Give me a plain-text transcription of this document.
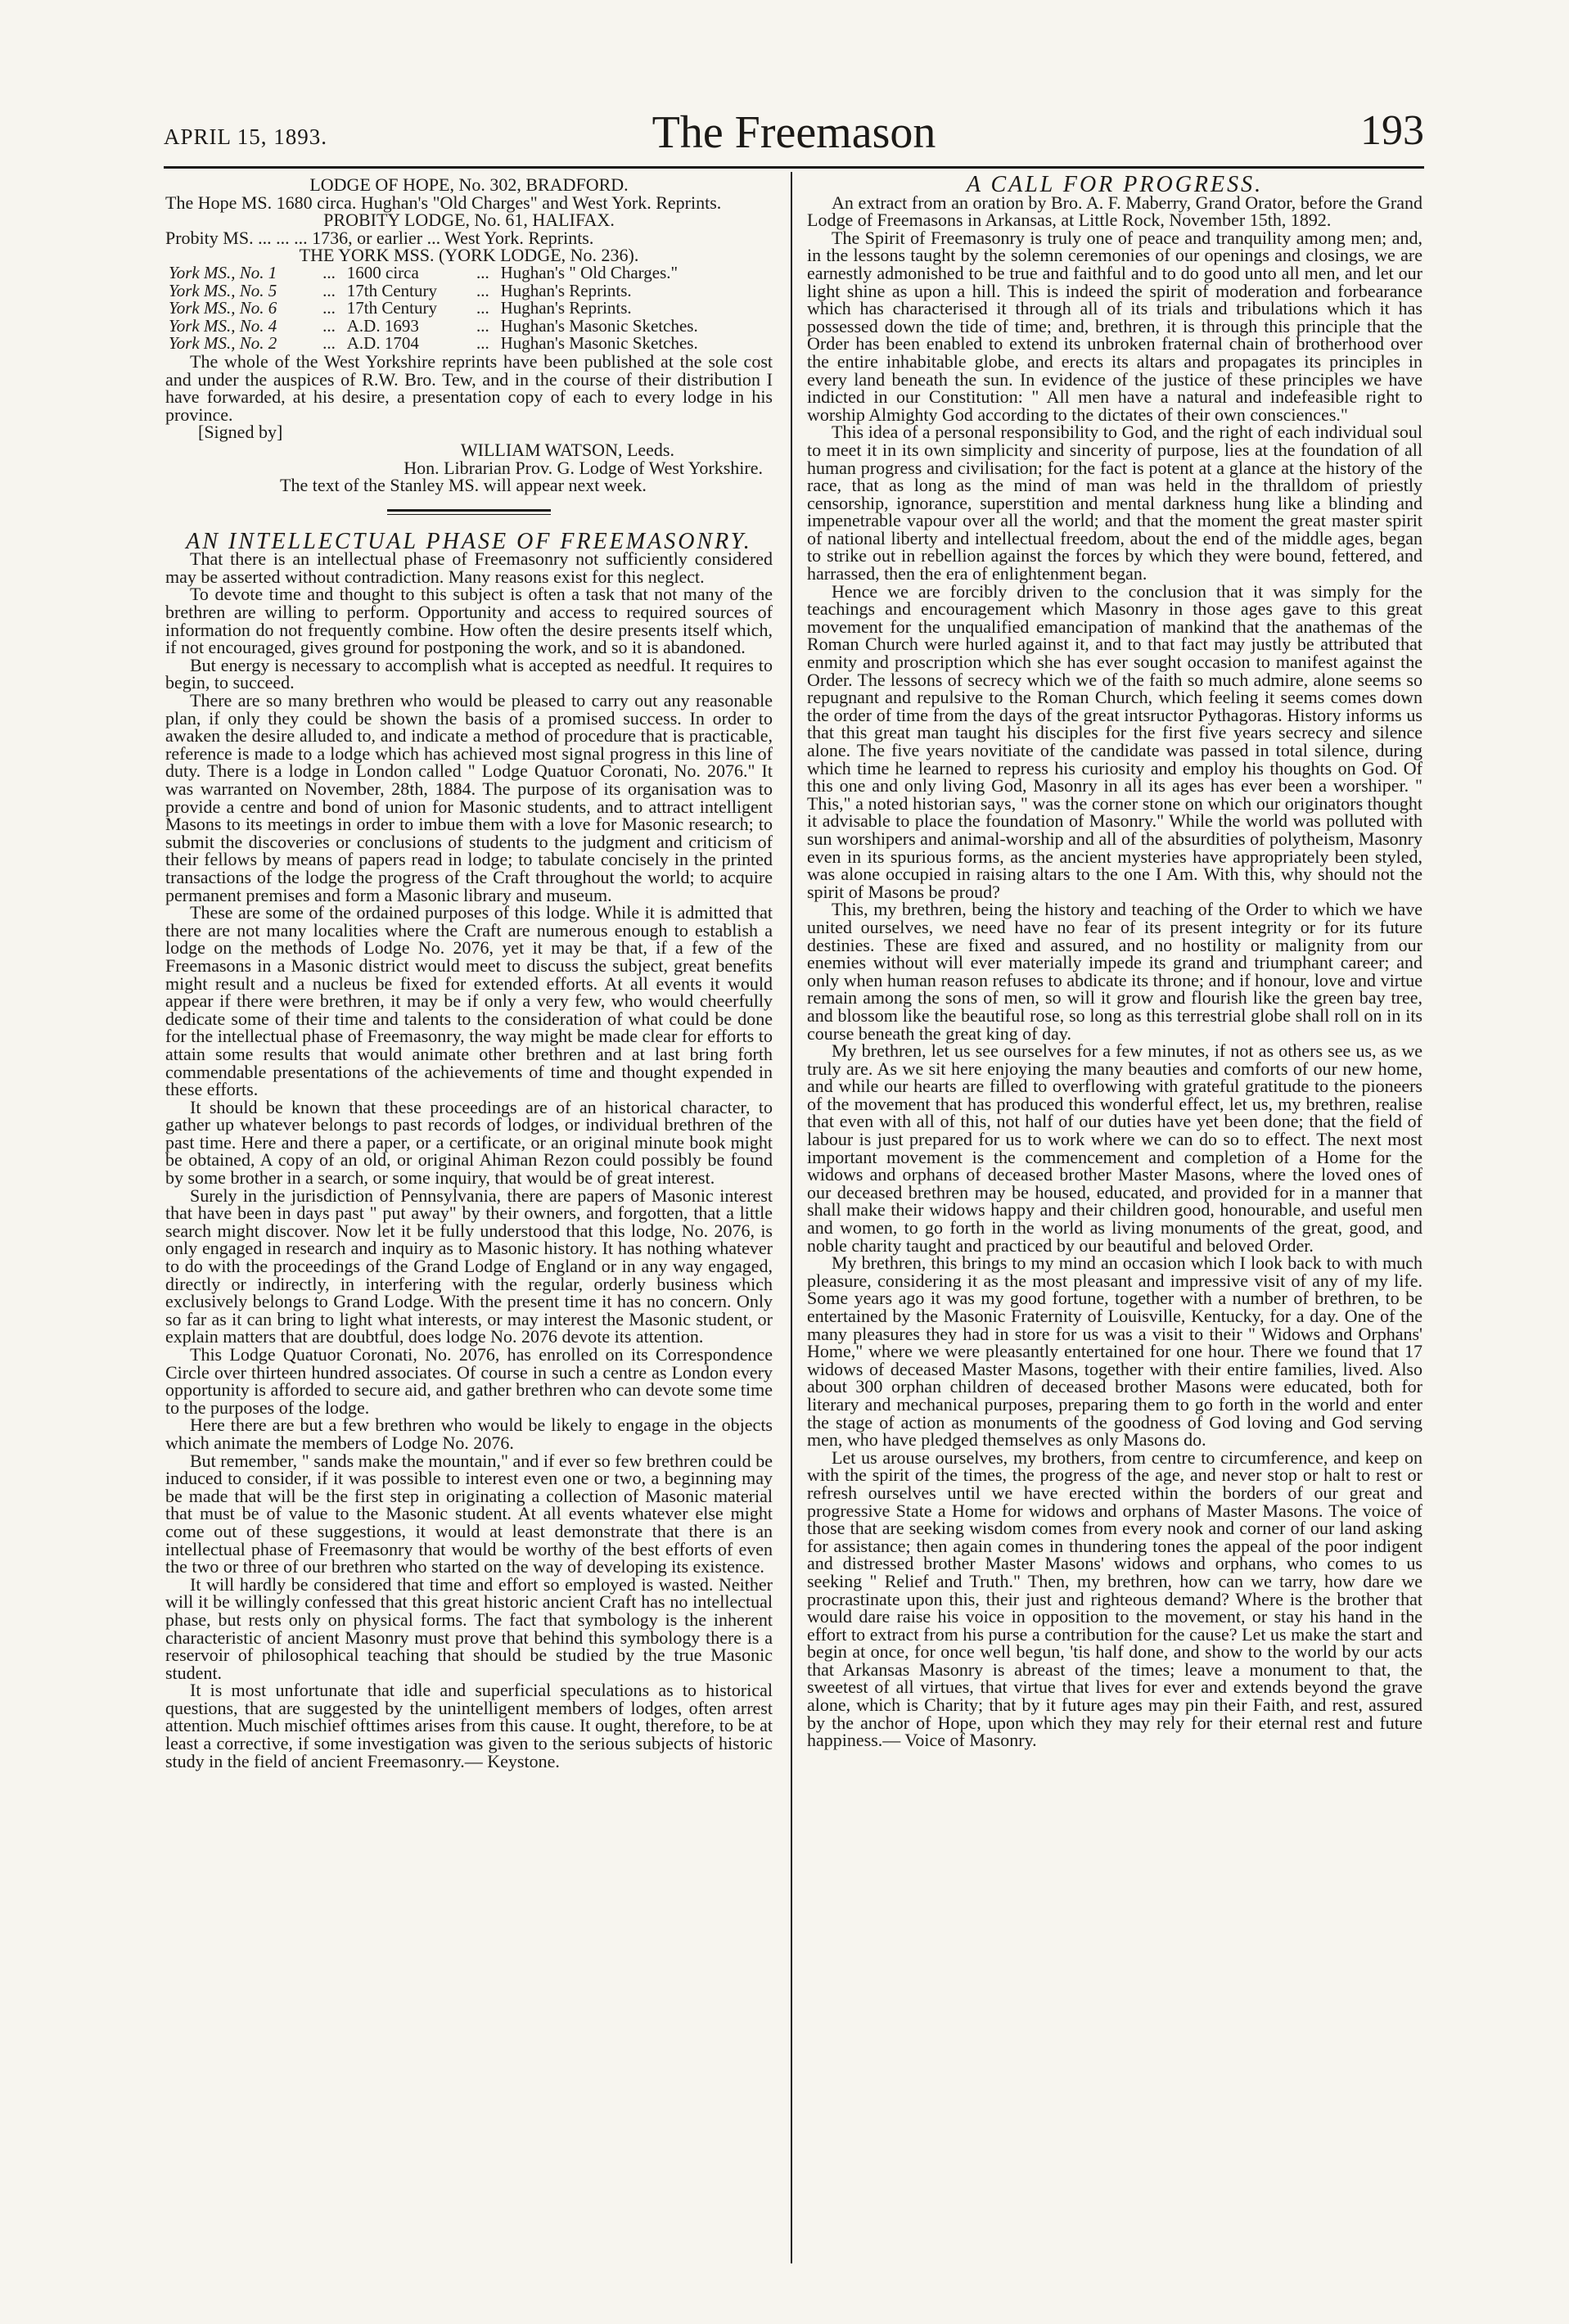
APRIL 15, 1893.	The Freemason	193

LODGE OF HOPE, No. 302, BRADFORD.

The Hope MS. 1680 circa. Hughan's "Old Charges" and West York. Reprints.

PROBITY LODGE, No. 61, HALIFAX.

Probity MS. ... ... ... 1736, or earlier ... West York. Reprints.

THE YORK MSS. (YORK LODGE, No. 236).

York MS., No. 1	...	1600 circa	...	Hughan's " Old Charges."
York MS., No. 5	...	17th Century	...	Hughan's Reprints.
York MS., No. 6	...	17th Century	...	Hughan's Reprints.
York MS., No. 4	...	A.D. 1693	...	Hughan's Masonic Sketches.
York MS., No. 2	...	A.D. 1704	...	Hughan's Masonic Sketches.

The whole of the West Yorkshire reprints have been published at the sole cost and under the auspices of R.W. Bro. Tew, and in the course of their distribution I have forwarded, at his desire, a presentation copy of each to every lodge in his province.

[Signed by]

WILLIAM WATSON, Leeds.

Hon. Librarian Prov. G. Lodge of West Yorkshire.

The text of the Stanley MS. will appear next week.

AN INTELLECTUAL PHASE OF FREEMASONRY.

That there is an intellectual phase of Freemasonry not sufficiently considered may be asserted without contradiction. Many reasons exist for this neglect.

To devote time and thought to this subject is often a task that not many of the brethren are willing to perform. Opportunity and access to required sources of information do not frequently combine. How often the desire presents itself which, if not encouraged, gives ground for postponing the work, and so it is abandoned.

But energy is necessary to accomplish what is accepted as needful. It requires to begin, to succeed.

There are so many brethren who would be pleased to carry out any reasonable plan, if only they could be shown the basis of a promised success. In order to awaken the desire alluded to, and indicate a method of procedure that is practicable, reference is made to a lodge which has achieved most signal progress in this line of duty. There is a lodge in London called " Lodge Quatuor Coronati, No. 2076." It was warranted on November, 28th, 1884. The purpose of its organisation was to provide a centre and bond of union for Masonic students, and to attract intelligent Masons to its meetings in order to imbue them with a love for Masonic research; to submit the discoveries or conclusions of students to the judgment and criticism of their fellows by means of papers read in lodge; to tabulate concisely in the printed transactions of the lodge the progress of the Craft throughout the world; to acquire permanent premises and form a Masonic library and museum.

These are some of the ordained purposes of this lodge. While it is admitted that there are not many localities where the Craft are numerous enough to establish a lodge on the methods of Lodge No. 2076, yet it may be that, if a few of the Freemasons in a Masonic district would meet to discuss the subject, great benefits might result and a nucleus be fixed for extended efforts. At all events it would appear if there were brethren, it may be if only a very few, who would cheerfully dedicate some of their time and talents to the consideration of what could be done for the intellectual phase of Freemasonry, the way might be made clear for efforts to attain some results that would animate other brethren and at last bring forth commendable presentations of the achievements of time and thought expended in these efforts.

It should be known that these proceedings are of an historical character, to gather up whatever belongs to past records of lodges, or individual brethren of the past time. Here and there a paper, or a certificate, or an original minute book might be obtained, A copy of an old, or original Ahiman Rezon could possibly be found by some brother in a search, or some inquiry, that would be of great interest.

Surely in the jurisdiction of Pennsylvania, there are papers of Masonic interest that have been in days past " put away" by their owners, and forgotten, that a little search might discover. Now let it be fully understood that this lodge, No. 2076, is only engaged in research and inquiry as to Masonic history. It has nothing whatever to do with the proceedings of the Grand Lodge of England or in any way engaged, directly or indirectly, in interfering with the regular, orderly business which exclusively belongs to Grand Lodge. With the present time it has no concern. Only so far as it can bring to light what interests, or may interest the Masonic student, or explain matters that are doubtful, does lodge No. 2076 devote its attention.

This Lodge Quatuor Coronati, No. 2076, has enrolled on its Correspondence Circle over thirteen hundred associates. Of course in such a centre as London every opportunity is afforded to secure aid, and gather brethren who can devote some time to the purposes of the lodge.

Here there are but a few brethren who would be likely to engage in the objects which animate the members of Lodge No. 2076.

But remember, " sands make the mountain," and if ever so few brethren could be induced to consider, if it was possible to interest even one or two, a beginning may be made that will be the first step in originating a collection of Masonic material that must be of value to the Masonic student. At all events whatever else might come out of these suggestions, it would at least demonstrate that there is an intellectual phase of Freemasonry that would be worthy of the best efforts of even the two or three of our brethren who started on the way of developing its existence.

It will hardly be considered that time and effort so employed is wasted. Neither will it be willingly confessed that this great historic ancient Craft has no intellectual phase, but rests only on physical forms. The fact that symbology is the inherent characteristic of ancient Masonry must prove that behind this symbology there is a reservoir of philosophical teaching that should be studied by the true Masonic student.

It is most unfortunate that idle and superficial speculations as to historical questions, that are suggested by the unintelligent members of lodges, often arrest attention. Much mischief ofttimes arises from this cause. It ought, therefore, to be at least a corrective, if some investigation was given to the serious subjects of historic study in the field of ancient Freemasonry.— Keystone.

A CALL FOR PROGRESS.

An extract from an oration by Bro. A. F. Maberry, Grand Orator, before the Grand Lodge of Freemasons in Arkansas, at Little Rock, November 15th, 1892.

The Spirit of Freemasonry is truly one of peace and tranquility among men; and, in the lessons taught by the solemn ceremonies of our openings and closings, we are earnestly admonished to be true and faithful and to do good unto all men, and let our light shine as upon a hill. This is indeed the spirit of moderation and forbearance which has characterised it through all of its trials and tribulations which it has possessed down the tide of time; and, brethren, it is through this principle that the Order has been enabled to extend its unbroken fraternal chain of brotherhood over the entire inhabitable globe, and erects its altars and propagates its principles in every land beneath the sun. In evidence of the justice of these principles we have indicted in our Constitution: " All men have a natural and indefeasible right to worship Almighty God according to the dictates of their own consciences."

This idea of a personal responsibility to God, and the right of each individual soul to meet it in its own simplicity and sincerity of purpose, lies at the foundation of all human progress and civilisation; for the fact is potent at a glance at the history of the race, that as long as the mind of man was held in the thralldom of priestly censorship, ignorance, superstition and mental darkness hung like a blinding and impenetrable vapour over all the world; and that the moment the great master spirit of national liberty and intellectual freedom, about the end of the middle ages, began to strike out in rebellion against the forces by which they were bound, fettered, and harrassed, then the era of enlightenment began.

Hence we are forcibly driven to the conclusion that it was simply for the teachings and encouragement which Masonry in those ages gave to this great movement for the unqualified emancipation of mankind that the anathemas of the Roman Church were hurled against it, and to that fact may justly be attributed that enmity and proscription which she has ever sought occasion to manifest against the Order. The lessons of secrecy which we of the faith so much admire, alone seems so repugnant and repulsive to the Roman Church, which feeling it seems comes down the order of time from the days of the great intsructor Pythagoras. History informs us that this great man taught his disciples for the first five years secrecy and silence alone. The five years novitiate of the candidate was passed in total silence, during which time he learned to repress his curiosity and employ his thoughts on God. Of this one and only living God, Masonry in all its ages has ever been a worshiper. " This," a noted historian says, " was the corner stone on which our originators thought it advisable to place the foundation of Masonry." While the world was polluted with sun worshipers and animal-worship and all of the absurdities of polytheism, Masonry even in its spurious forms, as the ancient mysteries have appropriately been styled, was alone occupied in raising altars to the one I Am. With this, why should not the spirit of Masons be proud?

This, my brethren, being the history and teaching of the Order to which we have united ourselves, we need have no fear of its present integrity or for its future destinies. These are fixed and assured, and no hostility or malignity from our enemies without will ever materially impede its grand and triumphant career; and only when human reason refuses to abdicate its throne; and if honour, love and virtue remain among the sons of men, so will it grow and flourish like the green bay tree, and blossom like the beautiful rose, so long as this terrestrial globe shall roll on in its course beneath the great king of day.

My brethren, let us see ourselves for a few minutes, if not as others see us, as we truly are. As we sit here enjoying the many beauties and comforts of our new home, and while our hearts are filled to overflowing with grateful gratitude to the pioneers of the movement that has produced this wonderful effect, let us, my brethren, realise that even with all of this, not half of our duties have yet been done; that the field of labour is just prepared for us to work where we can do so to effect. The next most important movement is the commencement and completion of a Home for the widows and orphans of deceased brother Master Masons, where the loved ones of our deceased brethren may be housed, educated, and provided for in a manner that shall make their widows happy and their children good, honourable, and useful men and women, to go forth in the world as living monuments of the great, good, and noble charity taught and practiced by our beautiful and beloved Order.

My brethren, this brings to my mind an occasion which I look back to with much pleasure, considering it as the most pleasant and impressive visit of any of my life. Some years ago it was my good fortune, together with a number of brethren, to be entertained by the Masonic Fraternity of Louisville, Kentucky, for a day. One of the many pleasures they had in store for us was a visit to their " Widows and Orphans' Home," where we were pleasantly entertained for one hour. There we found that 17 widows of deceased Master Masons, together with their entire families, lived. Also about 300 orphan children of deceased brother Masons were educated, both for literary and mechanical purposes, preparing them to go forth in the world and enter the stage of action as monuments of the goodness of God loving and God serving men, who have pledged themselves as only Masons do.

Let us arouse ourselves, my brothers, from centre to circumference, and keep on with the spirit of the times, the progress of the age, and never stop or halt to rest or refresh ourselves until we have erected within the borders of our great and progressive State a Home for widows and orphans of Master Masons. The voice of those that are seeking wisdom comes from every nook and corner of our land asking for assistance; then again comes in thundering tones the appeal of the poor indigent and distressed brother Master Masons' widows and orphans, who comes to us seeking " Relief and Truth." Then, my brethren, how can we tarry, how dare we procrastinate upon this, their just and righteous demand? Where is the brother that would dare raise his voice in opposition to the movement, or stay his hand in the effort to extract from his purse a contribution for the cause? Let us make the start and begin at once, for once well begun, 'tis half done, and show to the world by our acts that Arkansas Masonry is abreast of the times; leave a monument to that, the sweetest of all virtues, that virtue that lives for ever and extends beyond the grave alone, which is Charity; that by it future ages may pin their Faith, and rest, assured by the anchor of Hope, upon which they may rely for their eternal rest and future happiness.— Voice of Masonry.
